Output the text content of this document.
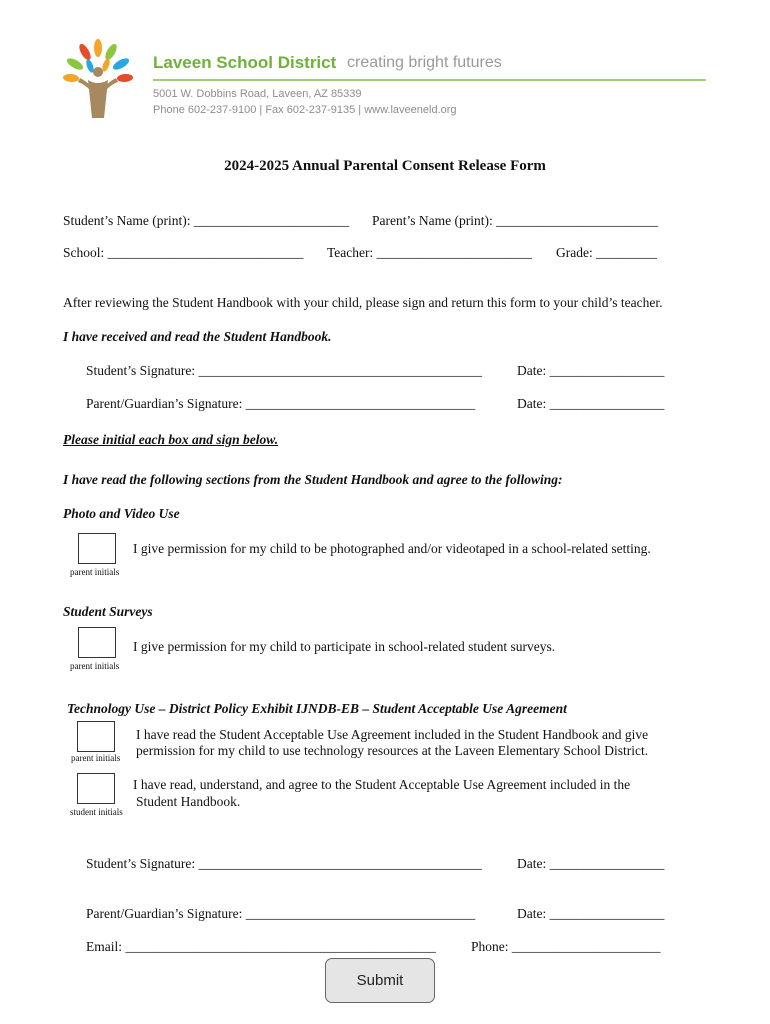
Laveen School District creating bright futures
5001 W. Dobbins Road, Laveen, AZ 85339
Phone 602-237-9100 | Fax 602-237-9135 | www.laveeneld.org
2024-2025 Annual Parental Consent Release Form
Student’s Name (print): _______________________ Parent’s Name (print): ________________________
School: _____________________________ Teacher: _______________________ Grade: _________
After reviewing the Student Handbook with your child, please sign and return this form to your child’s teacher.
I have received and read the Student Handbook.
Student’s Signature: __________________________________________	Date: _________________
Parent/Guardian’s Signature: __________________________________	Date: _________________
Please initial each box and sign below.
I have read the following sections from the Student Handbook and agree to the following:
Photo and Video Use
I give permission for my child to be photographed and/or videotaped in a school-related setting.
parent initials
Student Surveys
I give permission for my child to participate in school-related student surveys.
parent initials
Technology Use – District Policy Exhibit IJNDB-EB – Student Acceptable Use Agreement
I have read the Student Acceptable Use Agreement included in the Student Handbook and give
permission for my child to use technology resources at the Laveen Elementary School District.
parent initials
I have read, understand, and agree to the Student Acceptable Use Agreement included in the
Student Handbook.
student initials
Student’s Signature: __________________________________________	Date: _________________
Parent/Guardian’s Signature: __________________________________	Date: _________________
Email: ______________________________________________	Phone: ______________________
Submit
